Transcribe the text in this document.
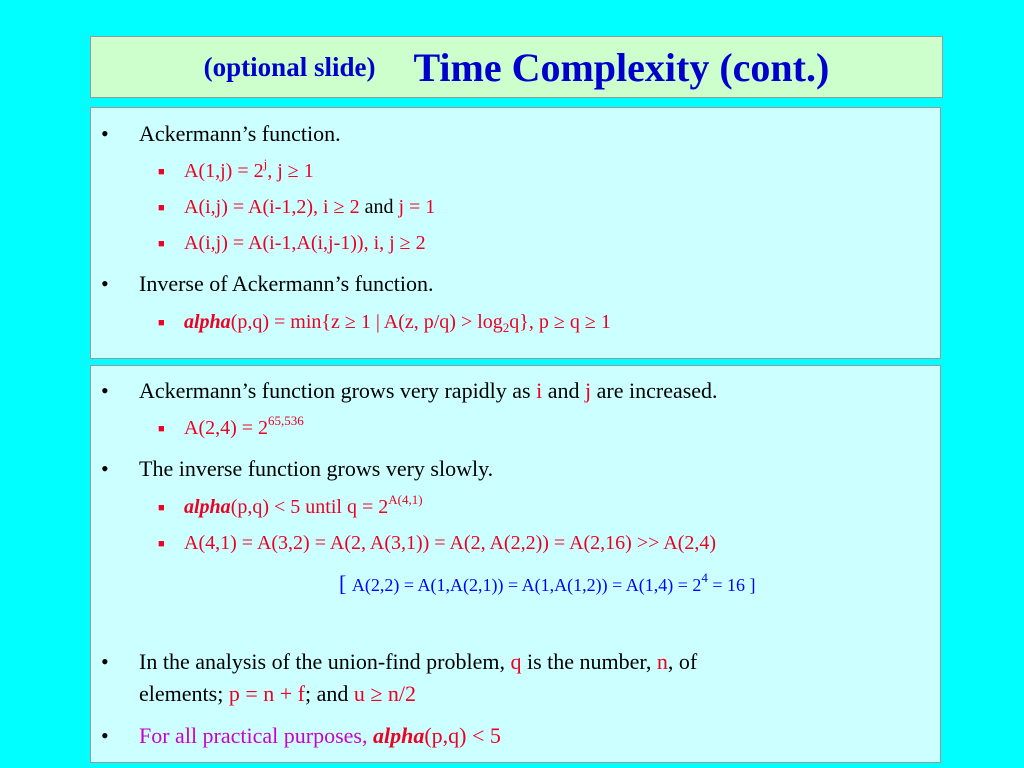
(optional slide) Time Complexity (cont.)
• Ackermann’s function.
■ $A(1,j) = 2^j$, j ≥ 1
■ A(i,j) = A(i-1,2), i ≥ 2 and j = 1
■ A(i,j) = A(i-1,A(i,j-1)), i, j ≥ 2
• Inverse of Ackermann’s function.
■ alpha(p,q) = min{z ≥ 1 | A(z, $p/q) > \log_2q$}, p ≥ q ≥ 1
• Ackermann’s function grows very rapidly as i and j are increased.
■ $A(2,4) = 2^{65,536}$
• The inverse function grows very slowly.
■ alpha(p,q) < 5 until $q = 2^{A(4,1)}$
■ A(4,1) = A(3,2) = A(2, A(3,1)) = A(2, A(2,2)) = A(2,16) >> A(2,4)
[ $A(2,2) = A(1,A(2,1)) = A(1,A(1,2)) = A(1,4) = 2^4 = 16$ ]
• In the analysis of the union-find problem, q is the number, n, of
elements; p = n + f; and u ≥ n/2
• For all practical purposes, alpha(p,q) < 5
